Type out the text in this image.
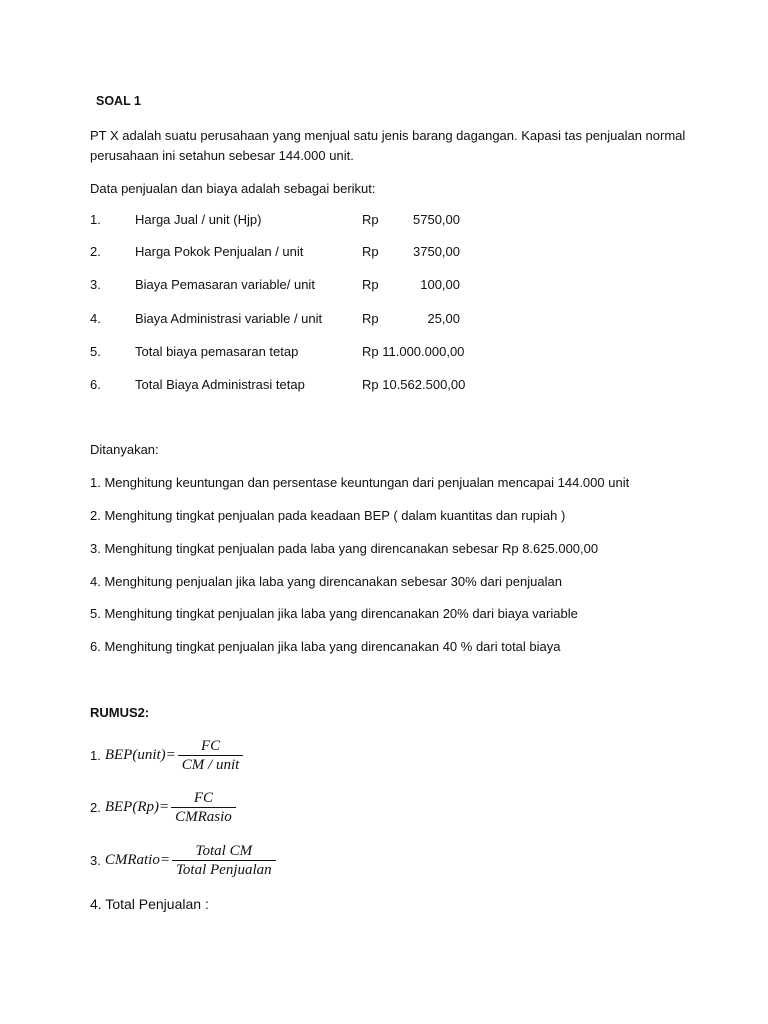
SOAL 1
PT X adalah suatu perusahaan yang menjual satu jenis barang dagangan. Kapasi tas penjualan normal perusahaan ini setahun sebesar 144.000 unit.
Data penjualan dan biaya adalah sebagai berikut:
1.	Harga Jual / unit (Hjp)	Rp	5750,00
2.	Harga Pokok Penjualan / unit	Rp	3750,00
3.	Biaya Pemasaran variable/ unit	Rp	100,00
4.	Biaya Administrasi variable / unit	Rp	25,00
5.	Total biaya pemasaran tetap	Rp 11.000.000,00
6.	Total Biaya Administrasi tetap	Rp 10.562.500,00
Ditanyakan:
1. Menghitung keuntungan dan persentase keuntungan dari penjualan mencapai 144.000 unit
2. Menghitung tingkat penjualan pada keadaan BEP ( dalam kuantitas dan rupiah )
3. Menghitung tingkat penjualan pada laba yang direncanakan sebesar Rp 8.625.000,00
4. Menghitung penjualan jika laba yang direncanakan sebesar 30% dari penjualan
5. Menghitung tingkat penjualan jika laba yang direncanakan 20% dari biaya variable
6. Menghitung tingkat penjualan jika laba yang direncanakan 40 % dari total biaya
RUMUS2:
1. BEP(unit)= $\frac{FC}{\text{CM / unit}}$
2. $BEP(Rp)= \frac{FC}{\text{CMRasio}}$
3. CMRatio= $\frac{\text{Total CM}}{\text{Total Penjualan}}$
4. Total Penjualan :
